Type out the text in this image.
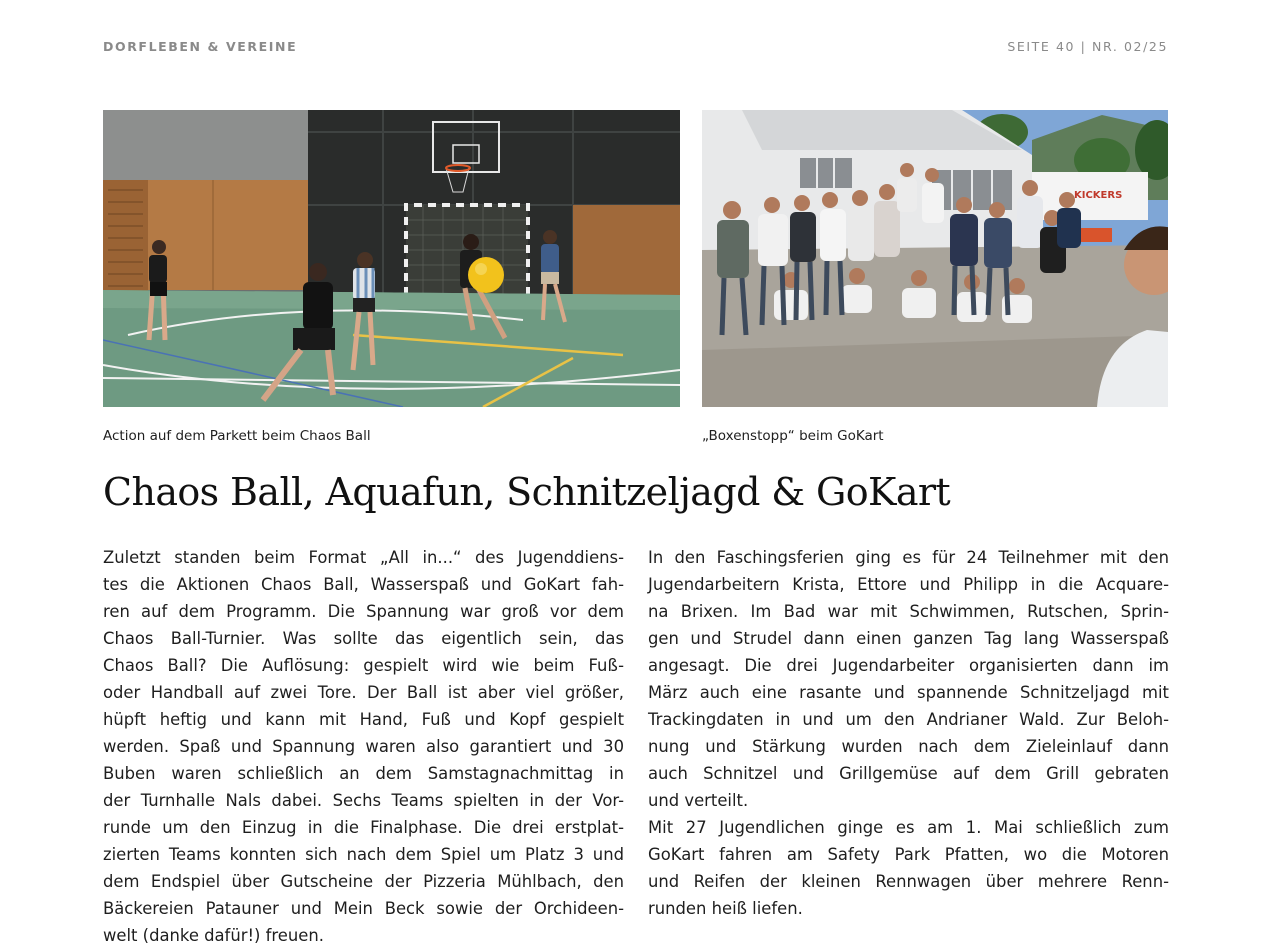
DORFLEBEN & VEREINE	SEITE 40 | NR. 02/25
KICKERS
Action auf dem Parkett beim Chaos Ball	„Boxenstopp“ beim GoKart
Chaos Ball, Aquafun, Schnitzeljagd & GoKart
Zuletzt standen beim Format „All in...“ des Jugenddiens-
tes die Aktionen Chaos Ball, Wasserspaß und GoKart fah-
ren auf dem Programm. Die Spannung war groß vor dem
Chaos Ball-Turnier. Was sollte das eigentlich sein, das
Chaos Ball? Die Auflösung: gespielt wird wie beim Fuß-
oder Handball auf zwei Tore. Der Ball ist aber viel größer,
hüpft heftig und kann mit Hand, Fuß und Kopf gespielt
werden. Spaß und Spannung waren also garantiert und 30
Buben waren schließlich an dem Samstagnachmittag in
der Turnhalle Nals dabei. Sechs Teams spielten in der Vor-
runde um den Einzug in die Finalphase. Die drei erstplat-
zierten Teams konnten sich nach dem Spiel um Platz 3 und
dem Endspiel über Gutscheine der Pizzeria Mühlbach, den
Bäckereien Patauner und Mein Beck sowie der Orchideen-
welt (danke dafür!) freuen.
In den Faschingsferien ging es für 24 Teilnehmer mit den
Jugendarbeitern Krista, Ettore und Philipp in die Acquare-
na Brixen. Im Bad war mit Schwimmen, Rutschen, Sprin-
gen und Strudel dann einen ganzen Tag lang Wasserspaß
angesagt. Die drei Jugendarbeiter organisierten dann im
März auch eine rasante und spannende Schnitzeljagd mit
Trackingdaten in und um den Andrianer Wald. Zur Beloh-
nung und Stärkung wurden nach dem Zieleinlauf dann
auch Schnitzel und Grillgemüse auf dem Grill gebraten
und verteilt.
Mit 27 Jugendlichen ginge es am 1. Mai schließlich zum
GoKart fahren am Safety Park Pfatten, wo die Motoren
und Reifen der kleinen Rennwagen über mehrere Renn-
runden heiß liefen.
